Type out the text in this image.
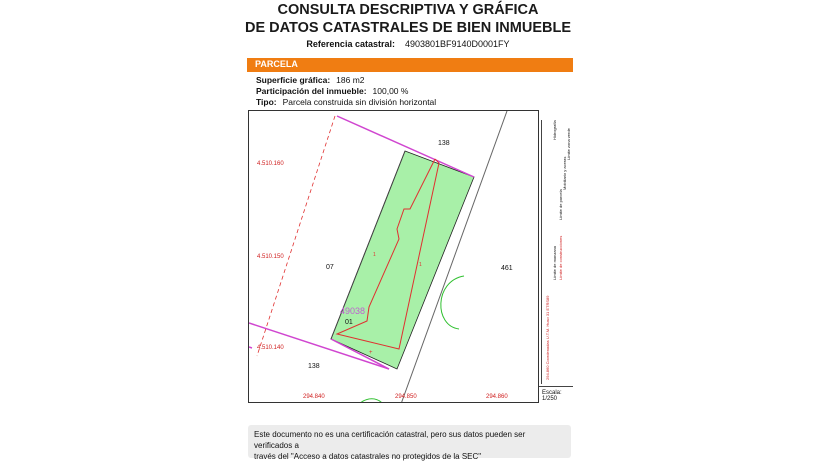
CONSULTA DESCRIPTIVA Y GRÁFICA
DE DATOS CATASTRALES DE BIEN INMUEBLE
Referencia catastral: 4903801BF9140D0001FY
PARCELA
Superficie gráfica: 186 m2
Participación del inmueble: 100,00 %
Tipo: Parcela construida sin división horizontal
+
138
07	461
138
49038
01
1
1
4.510.160
4.510.150
4.510.140
294.840	294.850	294.860
294.860 Coordenadas U.T.M. Huso 31 ETRS89
Límite de manzana
Límite de parcela
Límite de construcciones
Mobiliario y aceras
Límite zona verde
Hidrografía
Escala:
1/250
Este documento no es una certificación catastral, pero sus datos pueden ser verificados a
través del "Acceso a datos catastrales no protegidos de la SEC"
